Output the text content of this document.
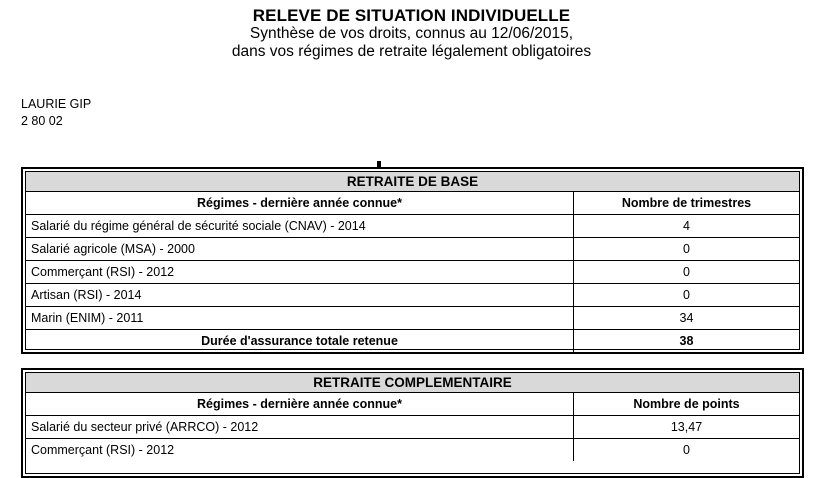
RELEVE DE SITUATION INDIVIDUELLE
Synthèse de vos droits, connus au 12/06/2015,
dans vos régimes de retraite légalement obligatoires
LAURIE GIP
2 80 02
RETRAITE DE BASE
Régimes - dernière année connue*	Nombre de trimestres
Salarié du régime général de sécurité sociale (CNAV) - 2014	4
Salarié agricole (MSA) - 2000	0
Commerçant (RSI) - 2012	0
Artisan (RSI) - 2014	0
Marin (ENIM) - 2011	34
Durée d'assurance totale retenue	38
RETRAITE COMPLEMENTAIRE
Régimes - dernière année connue*	Nombre de points
Salarié du secteur privé (ARRCO) - 2012	13,47
Commerçant (RSI) - 2012	0
